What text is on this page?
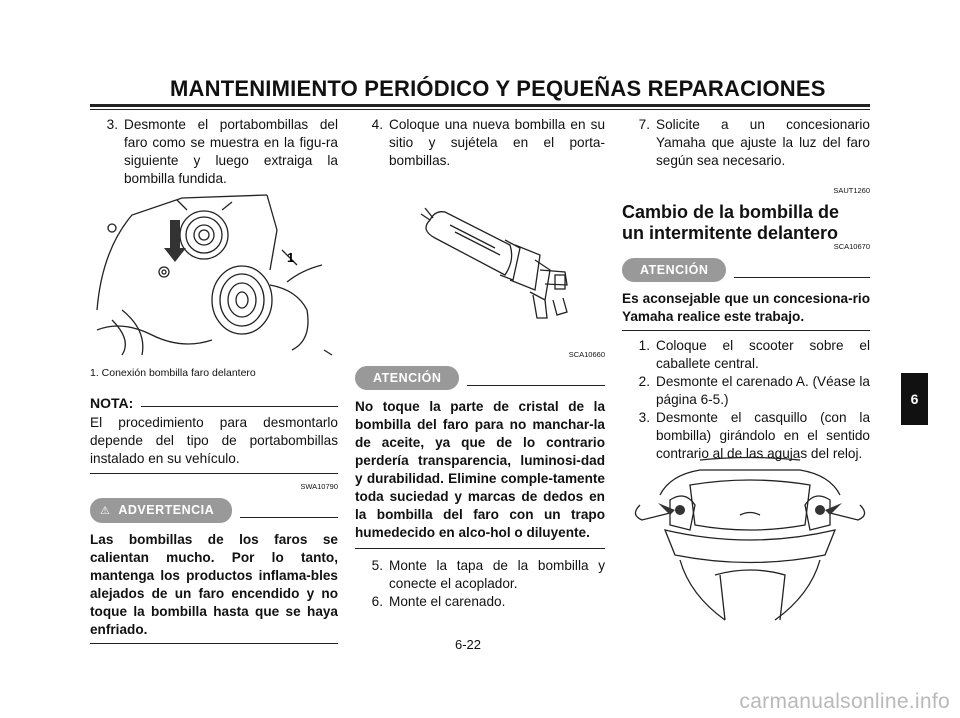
MANTENIMIENTO PERIÓDICO Y PEQUEÑAS REPARACIONES
3. Desmonte el portabombillas del faro como se muestra en la figu-ra siguiente y luego extraiga la bombilla fundida.
1
1. Conexión bombilla faro delantero
NOTA:
El procedimiento para desmontarlo depende del tipo de portabombillas instalado en su vehículo.
SWA10790
⚠ ADVERTENCIA
Las bombillas de los faros se calientan mucho. Por lo tanto, mantenga los productos inflama-bles alejados de un faro encendido y no toque la bombilla hasta que se haya enfriado.
4. Coloque una nueva bombilla en su sitio y sujétela en el porta-bombillas.
SCA10660
ATENCIÓN
No toque la parte de cristal de la bombilla del faro para no manchar-la de aceite, ya que de lo contrario perdería transparencia, luminosi-dad y durabilidad. Elimine comple-tamente toda suciedad y marcas de dedos en la bombilla del faro con un trapo humedecido en alco-hol o diluyente.
5. Monte la tapa de la bombilla y conecte el acoplador.
6. Monte el carenado.
7. Solicite a un concesionario Yamaha que ajuste la luz del faro según sea necesario.
SAUT1260
Cambio de la bombilla de un intermitente delantero
SCA10670
ATENCIÓN
Es aconsejable que un concesiona-rio Yamaha realice este trabajo.
1. Coloque el scooter sobre el caballete central.
2. Desmonte el carenado A. (Véase la página 6-5.)
3. Desmonte el casquillo (con la bombilla) girándolo en el sentido contrario al de las agujas del reloj.
6
6-22
carmanualsonline.info
